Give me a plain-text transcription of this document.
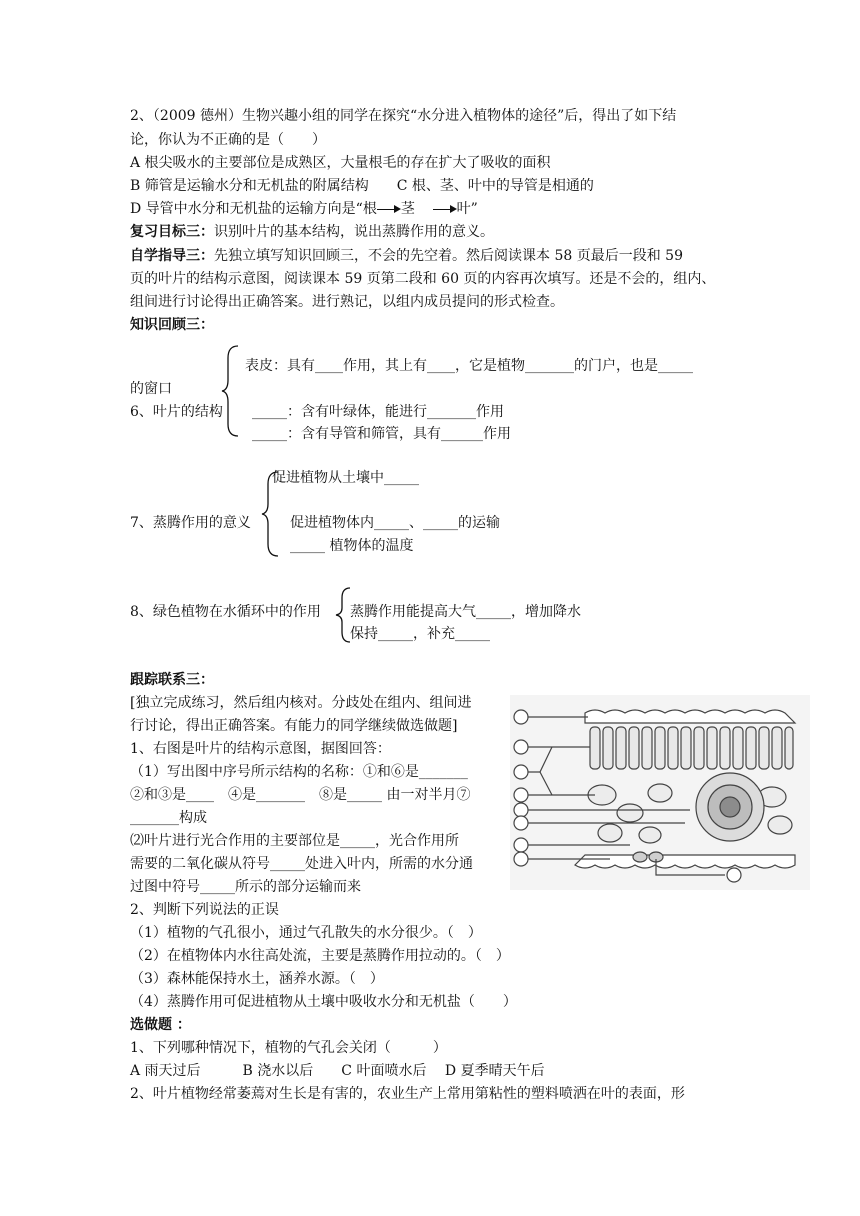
2、（2009 德州）生物兴趣小组的同学在探究“水分进入植物体的途径”后，得出了如下结
论，你认为不正确的是（　　）
A 根尖吸水的主要部位是成熟区，大量根毛的存在扩大了吸收的面积
B 筛管是运输水分和无机盐的附属结构　　C 根、茎、叶中的导管是相通的
D 导管中水分和无机盐的运输方向是“根 茎	叶”
复习目标三：识别叶片的基本结构，说出蒸腾作用的意义。
自学指导三：先独立填写知识回顾三，不会的先空着。然后阅读课本 58 页最后一段和 59
页的叶片的结构示意图，阅读课本 59 页第二段和 60 页的内容再次填写。还是不会的，组内、
组间进行讨论得出正确答案。进行熟记，以组内成员提问的形式检查。
知识回顾三：
表皮：具有____作用，其上有____，它是植物_______的门户，也是_____
的窗口
6、叶片的结构 _____：含有叶绿体，能进行_______作用
_____：含有导管和筛管，具有______作用
促进植物从土壤中_____
7、蒸腾作用的意义	促进植物体内_____、_____的运输
_____ 植物体的温度
8、绿色植物在水循环中的作用 蒸腾作用能提高大气_____，增加降水
保持_____，补充_____
跟踪联系三：
[独立完成练习，然后组内核对。分歧处在组内、组间进
行讨论，得出正确答案。有能力的同学继续做选做题]
1、右图是叶片的结构示意图，据图回答：
（1）写出图中序号所示结构的名称：①和⑥是_______
②和③是____　④是_______　⑧是_____ 由一对半月⑦
_______构成
⑵叶片进行光合作用的主要部位是_____，光合作用所
需要的二氧化碳从符号_____处进入叶内，所需的水分通
过图中符号_____所示的部分运输而来
2、判断下列说法的正误
（1）植物的气孔很小，通过气孔散失的水分很少。（　）
（2）在植物体内水往高处流，主要是蒸腾作用拉动的。（　）
（3）森林能保持水土，涵养水源。（　）
（4）蒸腾作用可促进植物从土壤中吸收水分和无机盐（　　）
选做题 ：
1、下列哪种情况下，植物的气孔会关闭（　　　）
A 雨天过后　　　B 浇水以后　　C 叶面喷水后　 D 夏季晴天午后
2、叶片植物经常萎蔫对生长是有害的，农业生产上常用第粘性的塑料喷洒在叶的表面，形
